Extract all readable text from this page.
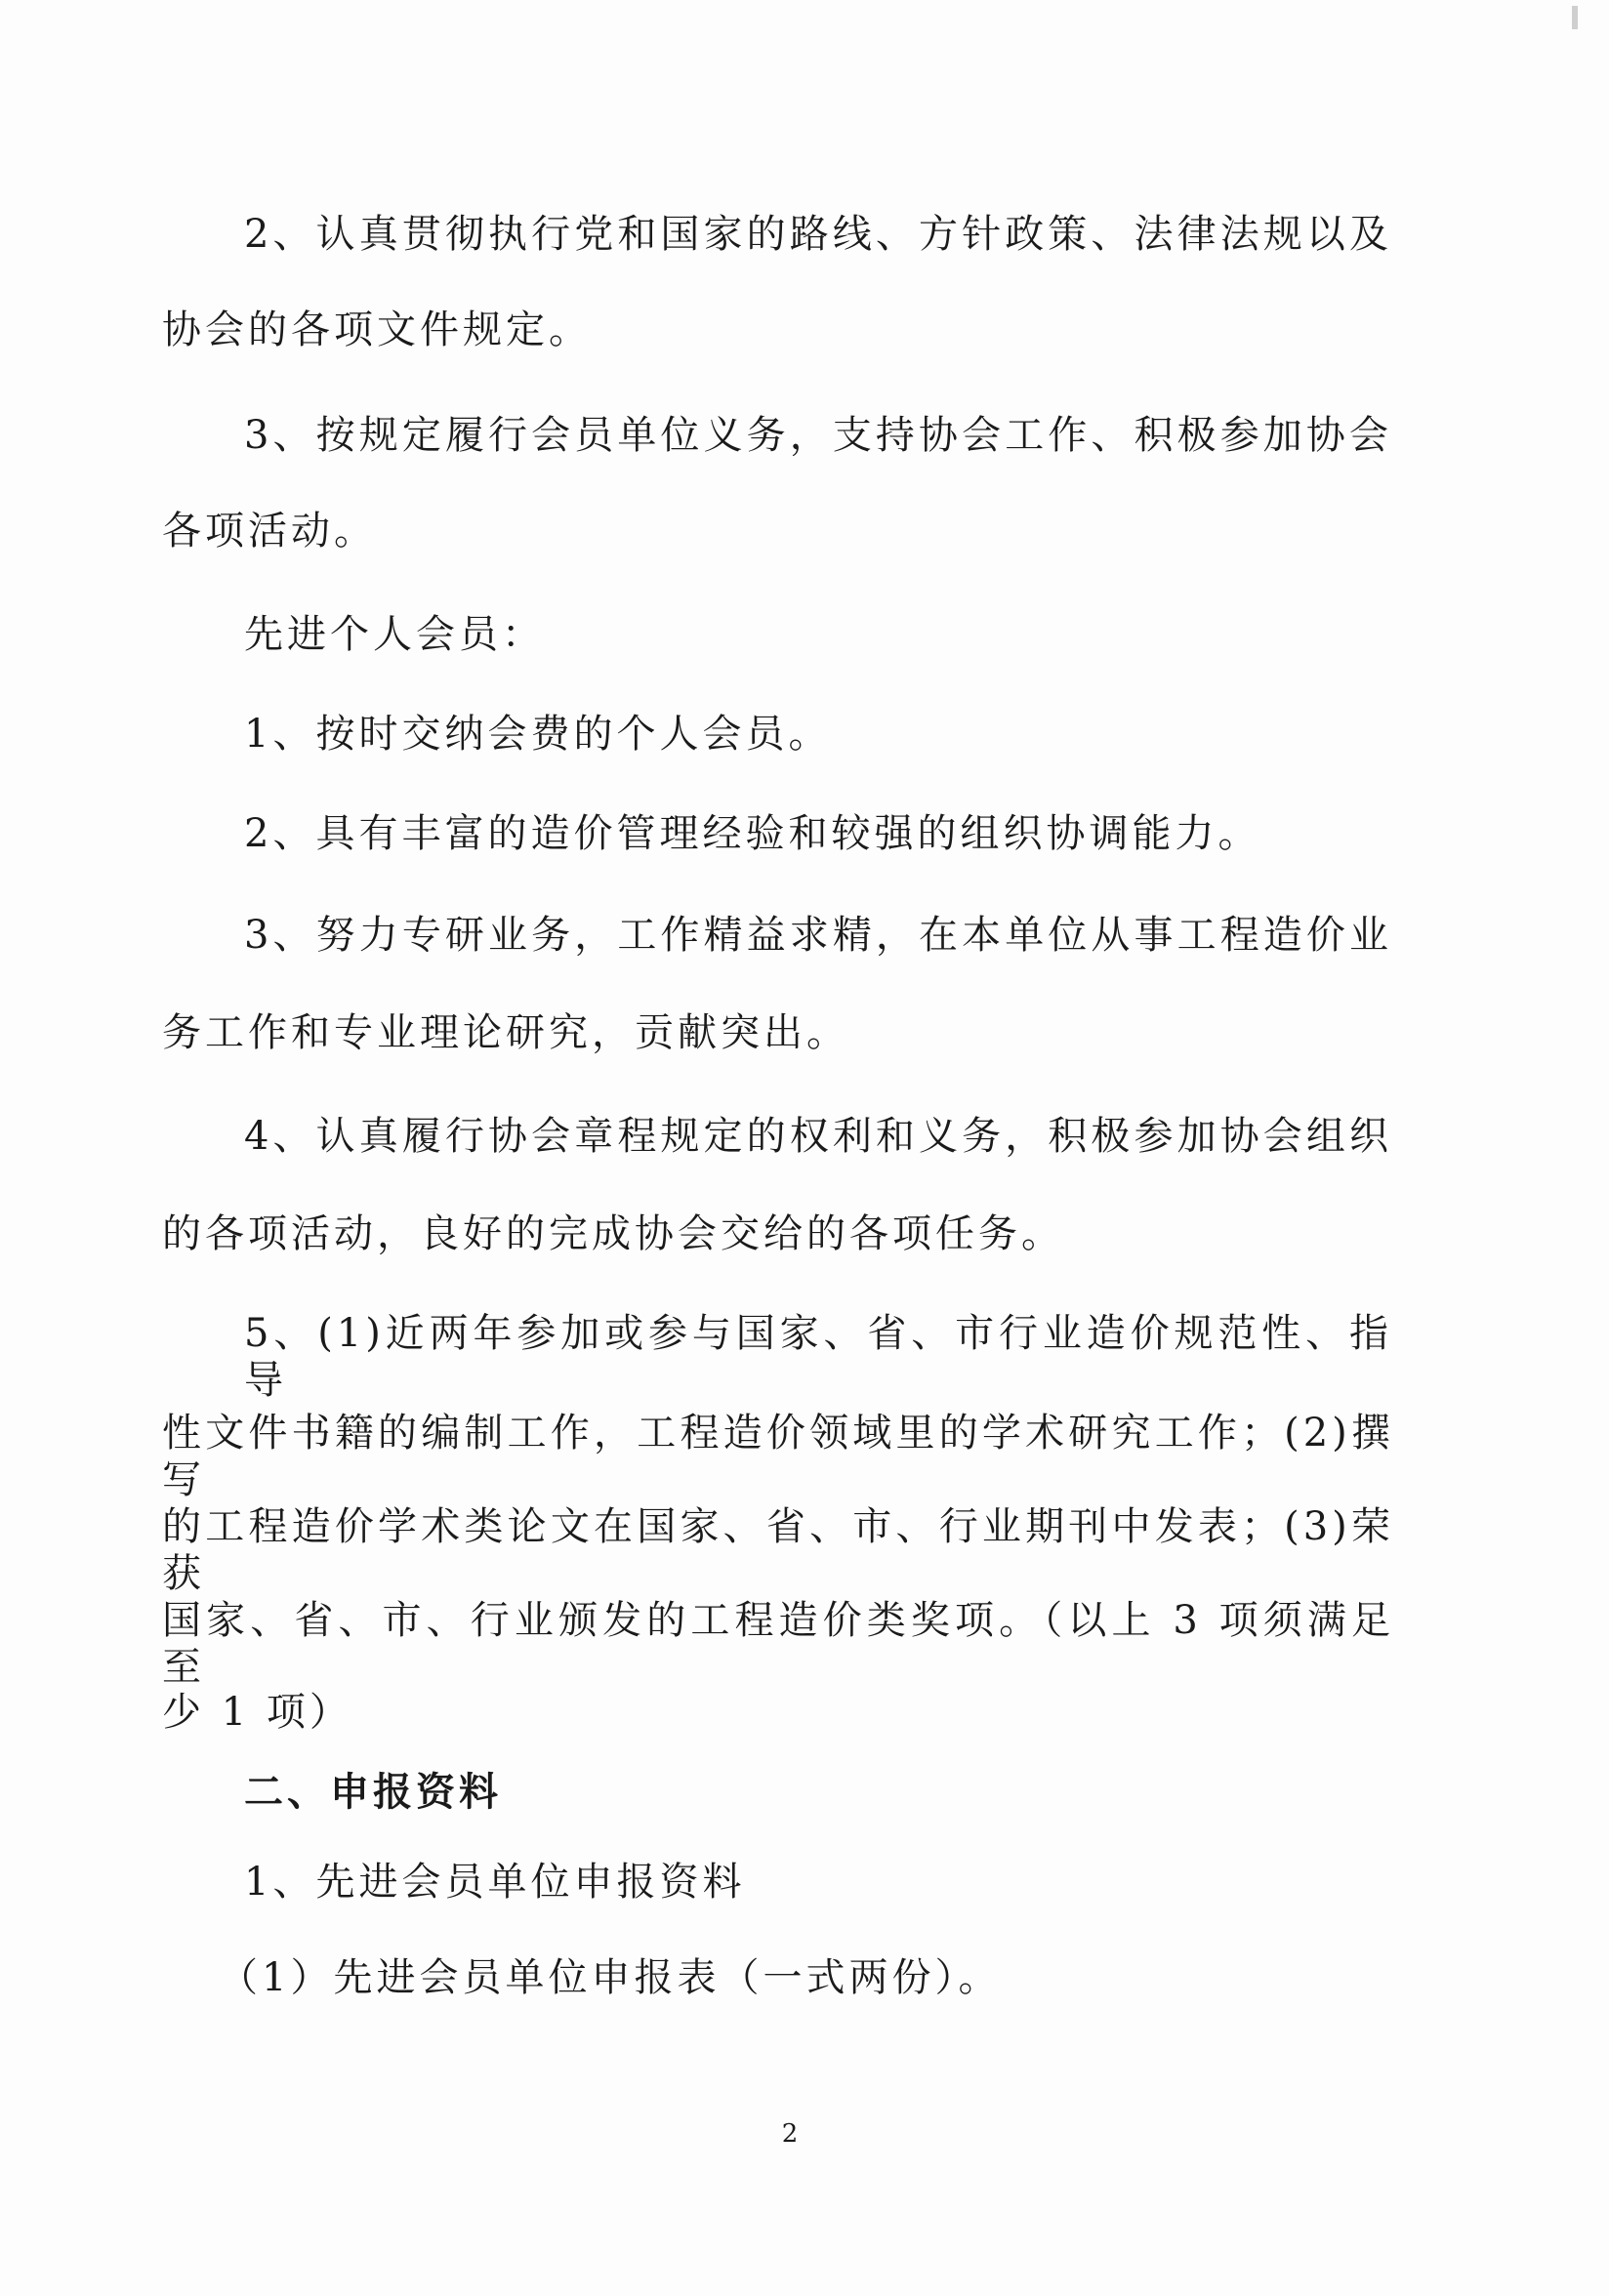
2、认真贯彻执行党和国家的路线、方针政策、法律法规以及
协会的各项文件规定。
3、按规定履行会员单位义务，支持协会工作、积极参加协会
各项活动。
先进个人会员：
1、按时交纳会费的个人会员。
2、具有丰富的造价管理经验和较强的组织协调能力。
3、努力专研业务，工作精益求精，在本单位从事工程造价业
务工作和专业理论研究，贡献突出。
4、认真履行协会章程规定的权利和义务，积极参加协会组织
的各项活动，良好的完成协会交给的各项任务。
5、(1)近两年参加或参与国家、省、市行业造价规范性、指导
性文件书籍的编制工作，工程造价领域里的学术研究工作；(2)撰写
的工程造价学术类论文在国家、省、市、行业期刊中发表；(3)荣获
国家、省、市、行业颁发的工程造价类奖项。（以上 3 项须满足至
少 1 项）
二、申报资料
1、先进会员单位申报资料
（1）先进会员单位申报表（一式两份）。
2
